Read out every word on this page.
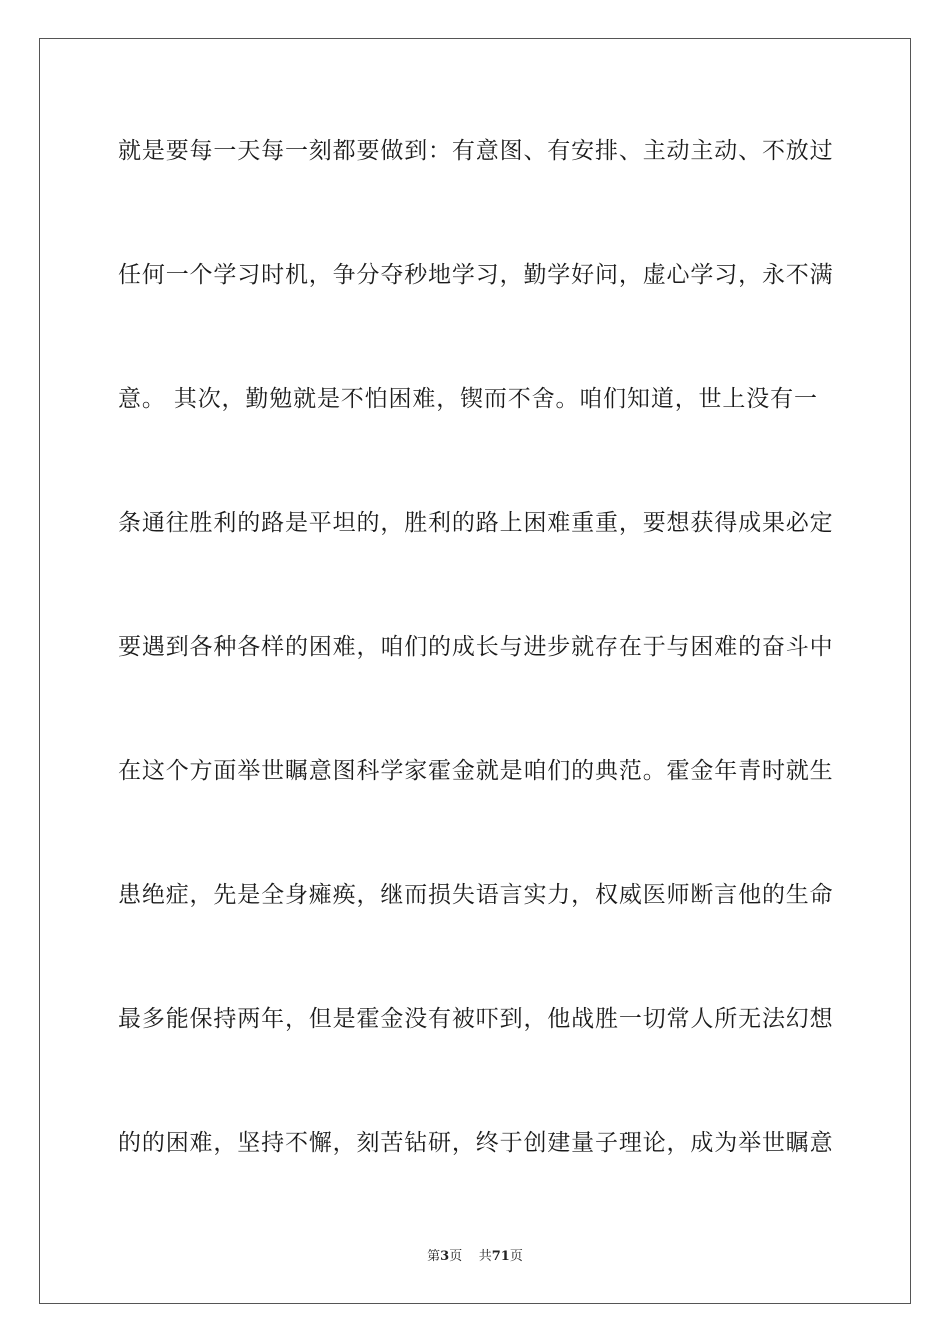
就是要每一天每一刻都要做到：有意图、有安排、主动主动、不放过
任何一个学习时机，争分夺秒地学习，勤学好问，虚心学习，永不满
意。 其次，勤勉就是不怕困难，锲而不舍。咱们知道，世上没有一
条通往胜利的路是平坦的，胜利的路上困难重重，要想获得成果必定
要遇到各种各样的困难，咱们的成长与进步就存在于与困难的奋斗中
在这个方面举世瞩意图科学家霍金就是咱们的典范。霍金年青时就生
患绝症，先是全身瘫痪，继而损失语言实力，权威医师断言他的生命
最多能保持两年，但是霍金没有被吓到，他战胜一切常人所无法幻想
的的困难，坚持不懈，刻苦钻研，终于创建量子理论，成为举世瞩意
第3页 共71页
